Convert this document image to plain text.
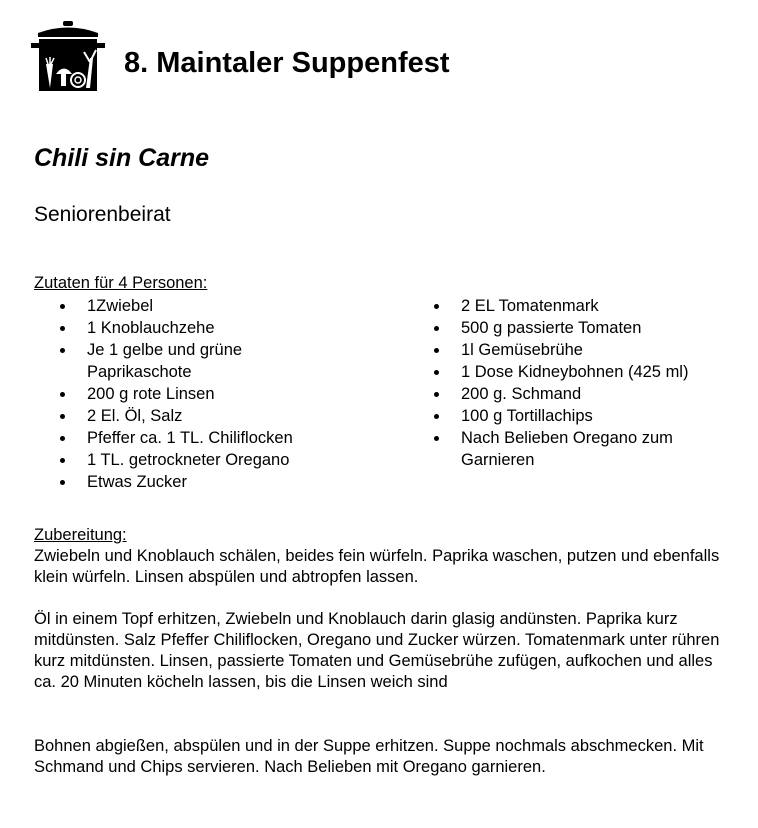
8. Maintaler Suppenfest
Chili sin Carne
Seniorenbeirat
Zutaten für 4 Personen:
1Zwiebel
1 Knoblauchzehe
Je 1 gelbe und grüne Paprikaschote
200 g rote Linsen
2 El. Öl, Salz
Pfeffer ca. 1 TL. Chiliflocken
1 TL. getrockneter Oregano
Etwas Zucker
2 EL Tomatenmark
500 g passierte Tomaten
1l Gemüsebrühe
1 Dose Kidneybohnen (425 ml)
200 g. Schmand
100 g Tortillachips
Nach Belieben Oregano zum Garnieren
Zubereitung:

Zwiebeln und Knoblauch schälen, beides fein würfeln. Paprika waschen, putzen und ebenfalls klein würfeln. Linsen abspülen und abtropfen lassen.

Öl in einem Topf erhitzen, Zwiebeln und Knoblauch darin glasig andünsten. Paprika kurz mitdünsten. Salz Pfeffer Chiliflocken, Oregano und Zucker würzen. Tomatenmark unter rühren kurz mitdünsten. Linsen, passierte Tomaten und Gemüsebrühe zufügen, aufkochen und alles ca. 20 Minuten köcheln lassen, bis die Linsen weich sind

Bohnen abgießen, abspülen und in der Suppe erhitzen. Suppe nochmals abschmecken. Mit Schmand und Chips servieren. Nach Belieben mit Oregano garnieren.
